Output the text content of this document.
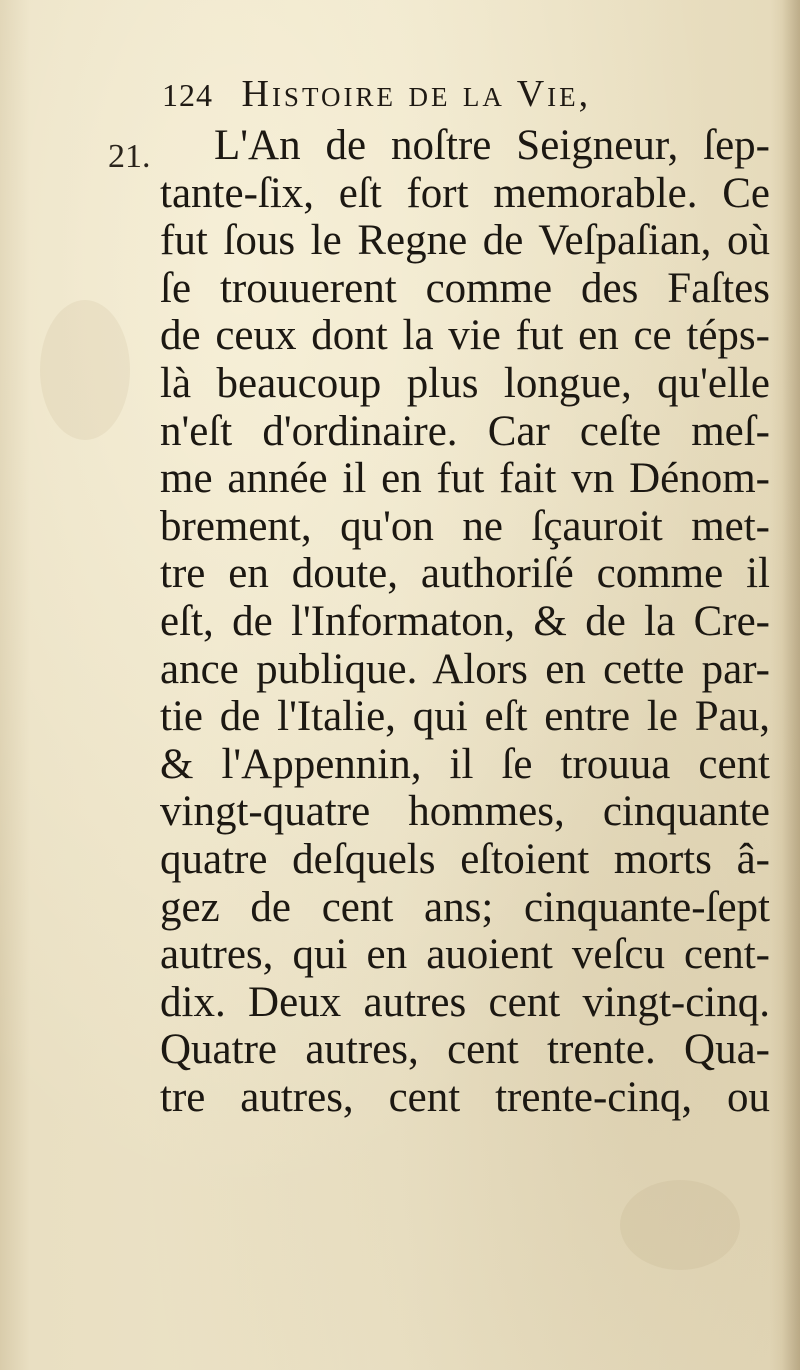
124 Histoire de la Vie,
21.	L'An de noſtre Seigneur, ſep-
tante-ſix, eſt fort memorable. Ce
fut ſous le Regne de Veſpaſian, où
ſe trouuerent comme des Faſtes
de ceux dont la vie fut en ce téps-
là beaucoup plus longue, qu'elle
n'eſt d'ordinaire. Car ceſte meſ-
me année il en fut fait vn Dénom-
brement, qu'on ne ſçauroit met-
tre en doute, authoriſé comme il
eſt, de l'Informaton, & de la Cre-
ance publique. Alors en cette par-
tie de l'Italie, qui eſt entre le Pau,
& l'Appennin, il ſe trouua cent
vingt-quatre hommes, cinquante
quatre deſquels eſtoient morts â-
gez de cent ans; cinquante-ſept
autres, qui en auoient veſcu cent-
dix. Deux autres cent vingt-cinq.
Quatre autres, cent trente. Qua-
tre autres, cent trente-cinq, ou
